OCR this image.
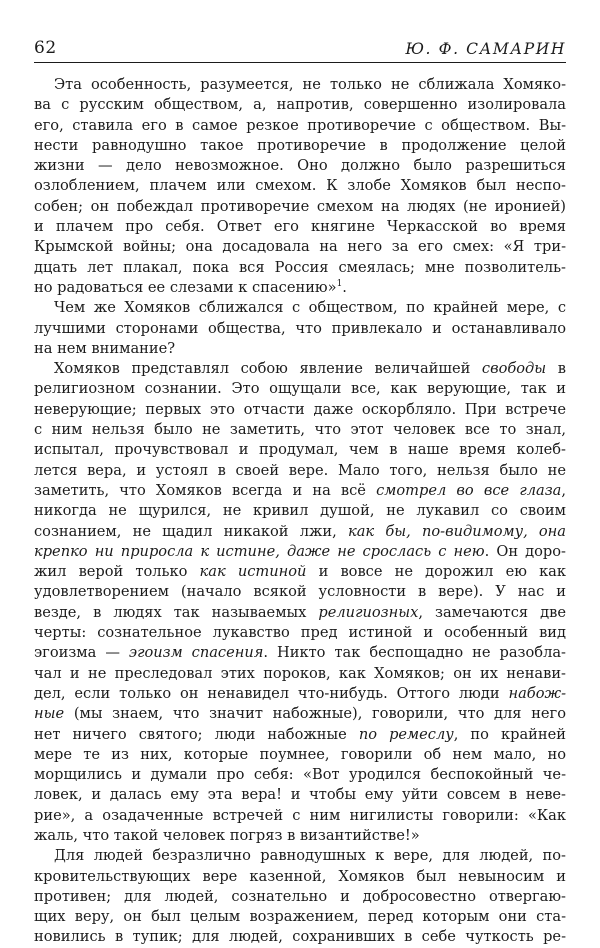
62	Ю. Ф. САМАРИН
Эта особенность, разумеется, не только не сближала Хомяко-
ва с русским обществом, а, напротив, совершенно изолировала
его, ставила его в самое резкое противоречие с обществом. Вы-
нести равнодушно такое противоречие в продолжение целой
жизни — дело невозможное. Оно должно было разрешиться
озлоблением, плачем или смехом. К злобе Хомяков был неспо-
собен; он побеждал противоречие смехом на людях (не иронией)
и плачем про себя. Ответ его княгине Черкасской во время
Крымской войны; она досадовала на него за его смех: «Я три-
дцать лет плакал, пока вся Россия смеялась; мне позволитель-
но радоваться ее слезами к спасению»$^1$.
Чем же Хомяков сближался с обществом, по крайней мере, с
лучшими сторонами общества, что привлекало и останавливало
на нем внимание?
Хомяков представлял собою явление величайшей свободы в
религиозном сознании. Это ощущали все, как верующие, так и
неверующие; первых это отчасти даже оскорбляло. При встрече
с ним нельзя было не заметить, что этот человек все то знал,
испытал, прочувствовал и продумал, чем в наше время колеб-
лется вера, и устоял в своей вере. Мало того, нельзя было не
заметить, что Хомяков всегда и на всё смотрел во все глаза,
никогда не щурился, не кривил душой, не лукавил со своим
сознанием, не щадил никакой лжи, как бы, по-видимому, она
крепко ни приросла к истине, даже не срослась с нею. Он доро-
жил верой только как истиной и вовсе не дорожил ею как
удовлетворением (начало всякой условности в вере). У нас и
везде, в людях так называемых религиозных, замечаются две
черты: сознательное лукавство пред истиной и особенный вид
эгоизма — эгоизм спасения. Никто так беспощадно не разобла-
чал и не преследовал этих пороков, как Хомяков; он их ненави-
дел, если только он ненавидел что-нибудь. Оттого люди набож-
ные (мы знаем, что значит набожные), говорили, что для него
нет ничего святого; люди набожные по ремеслу, по крайней
мере те из них, которые поумнее, говорили об нем мало, но
морщились и думали про себя: «Вот уродился беспокойный че-
ловек, и далась ему эта вера! и чтобы ему уйти совсем в неве-
рие», а озадаченные встречей с ним нигилисты говорили: «Как
жаль, что такой человек погряз в византийстве!»
Для людей безразлично равнодушных к вере, для людей, по-
кровительствующих вере казенной, Хомяков был невыносим и
противен; для людей, сознательно и добросовестно отвергаю-
щих веру, он был целым возражением, перед которым они ста-
новились в тупик; для людей, сохранивших в себе чуткость ре-
